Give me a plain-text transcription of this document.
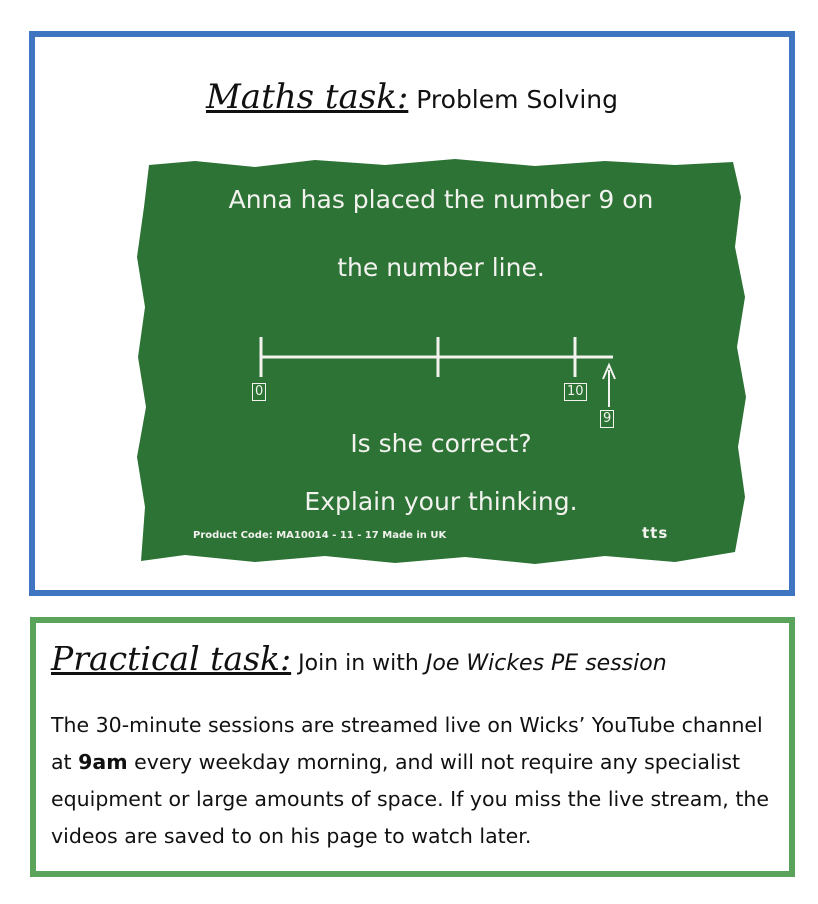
Maths task: Problem Solving
Anna has placed the number 9 on
the number line.
0	10
9
Is she correct?
Explain your thinking.
Product Code: MA10014 - 11 - 17 Made in UK	tts
Practical task: Join in with Joe Wickes PE session
The 30-minute sessions are streamed live on Wicks’ YouTube channel at 9am every weekday morning, and will not require any specialist equipment or large amounts of space. If you miss the live stream, the videos are saved to on his page to watch later.
